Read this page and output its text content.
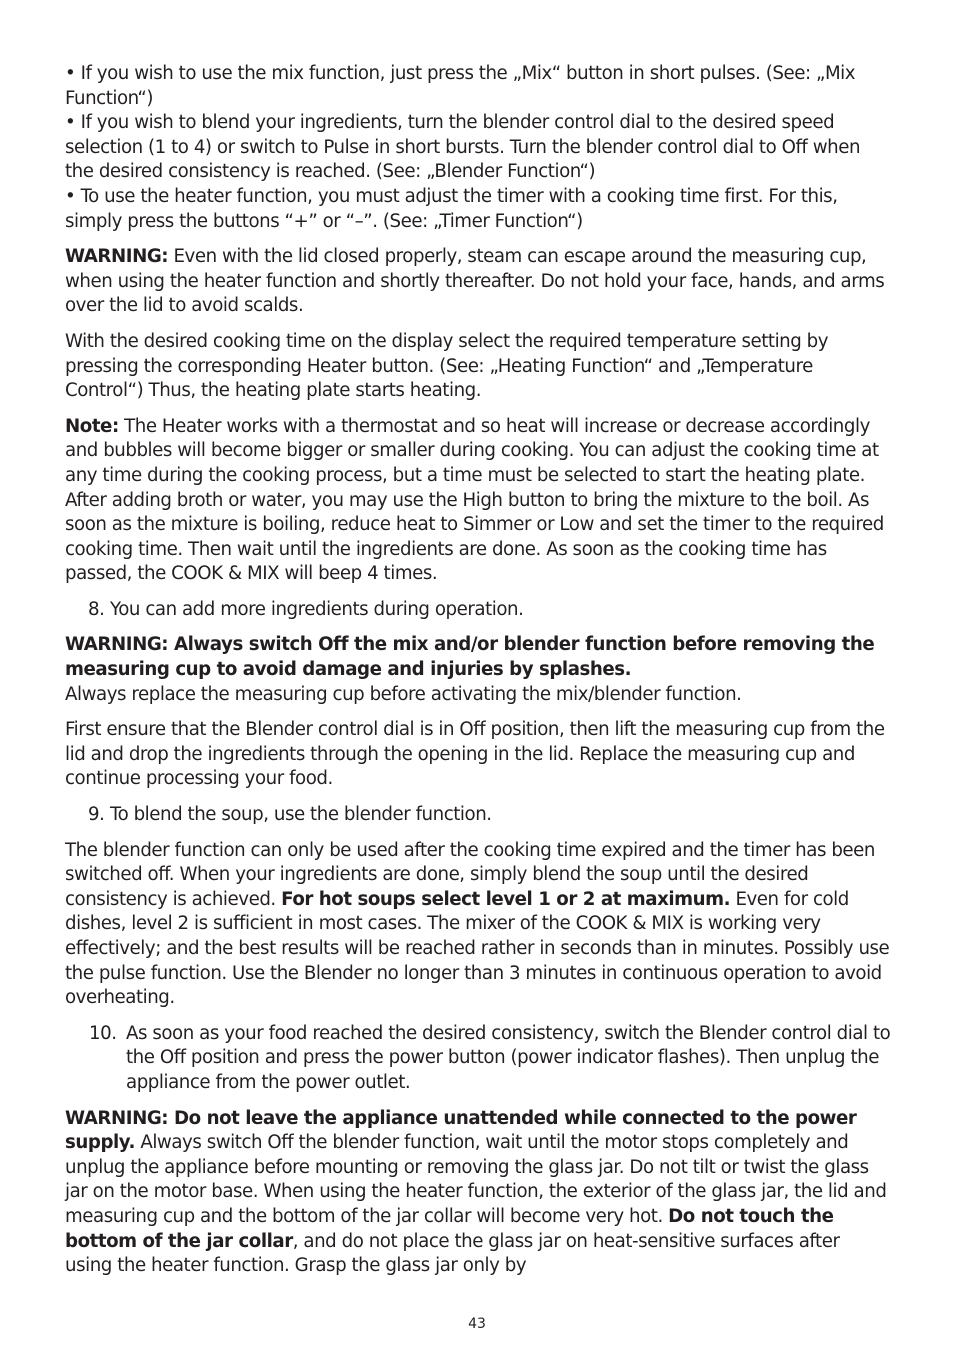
• If you wish to use the mix function, just press the „Mix“ button in short pulses. (See: „Mix Function“)

• If you wish to blend your ingredients, turn the blender control dial to the desired speed selection (1 to 4) or switch to Pulse in short bursts. Turn the blender control dial to Off when the desired consistency is reached. (See: „Blender Function“)

• To use the heater function, you must adjust the timer with a cooking time first. For this, simply press the buttons “+” or “–”. (See: „Timer Function“)

WARNING: Even with the lid closed properly, steam can escape around the measuring cup, when using the heater function and shortly thereafter. Do not hold your face, hands, and arms over the lid to avoid scalds.

With the desired cooking time on the display select the required temperature setting by pressing the corresponding Heater button. (See: „Heating Function“ and „Temperature Control“) Thus, the heating plate starts heating.

Note: The Heater works with a thermostat and so heat will increase or decrease accordingly and bubbles will become bigger or smaller during cooking. You can adjust the cooking time at any time during the cooking process, but a time must be selected to start the heating plate. After adding broth or water, you may use the High button to bring the mixture to the boil. As soon as the mixture is boiling, reduce heat to Simmer or Low and set the timer to the required cooking time. Then wait until the ingredients are done. As soon as the cooking time has passed, the COOK & MIX will beep 4 times.

8. You can add more ingredients during operation.

WARNING: Always switch Off the mix and/or blender function before removing the measuring cup to avoid damage and injuries by splashes.
Always replace the measuring cup before activating the mix/blender function.

First ensure that the Blender control dial is in Off position, then lift the measuring cup from the lid and drop the ingredients through the opening in the lid. Replace the measuring cup and continue processing your food.

9. To blend the soup, use the blender function.

The blender function can only be used after the cooking time expired and the timer has been switched off. When your ingredients are done, simply blend the soup until the desired consistency is achieved. For hot soups select level 1 or 2 at maximum. Even for cold dishes, level 2 is sufficient in most cases. The mixer of the COOK & MIX is working very effectively; and the best results will be reached rather in seconds than in minutes. Possibly use the pulse function. Use the Blender no longer than 3 minutes in continuous operation to avoid overheating.

10. As soon as your food reached the desired consistency, switch the Blender control dial to the Off position and press the power button (power indicator flashes). Then unplug the appliance from the power outlet.

WARNING: Do not leave the appliance unattended while connected to the power supply. Always switch Off the blender function, wait until the motor stops completely and unplug the appliance before mounting or removing the glass jar. Do not tilt or twist the glass jar on the motor base. When using the heater function, the exterior of the glass jar, the lid and measuring cup and the bottom of the jar collar will become very hot. Do not touch the bottom of the jar collar, and do not place the glass jar on heat-sensitive surfaces after using the heater function. Grasp the glass jar only by

43
